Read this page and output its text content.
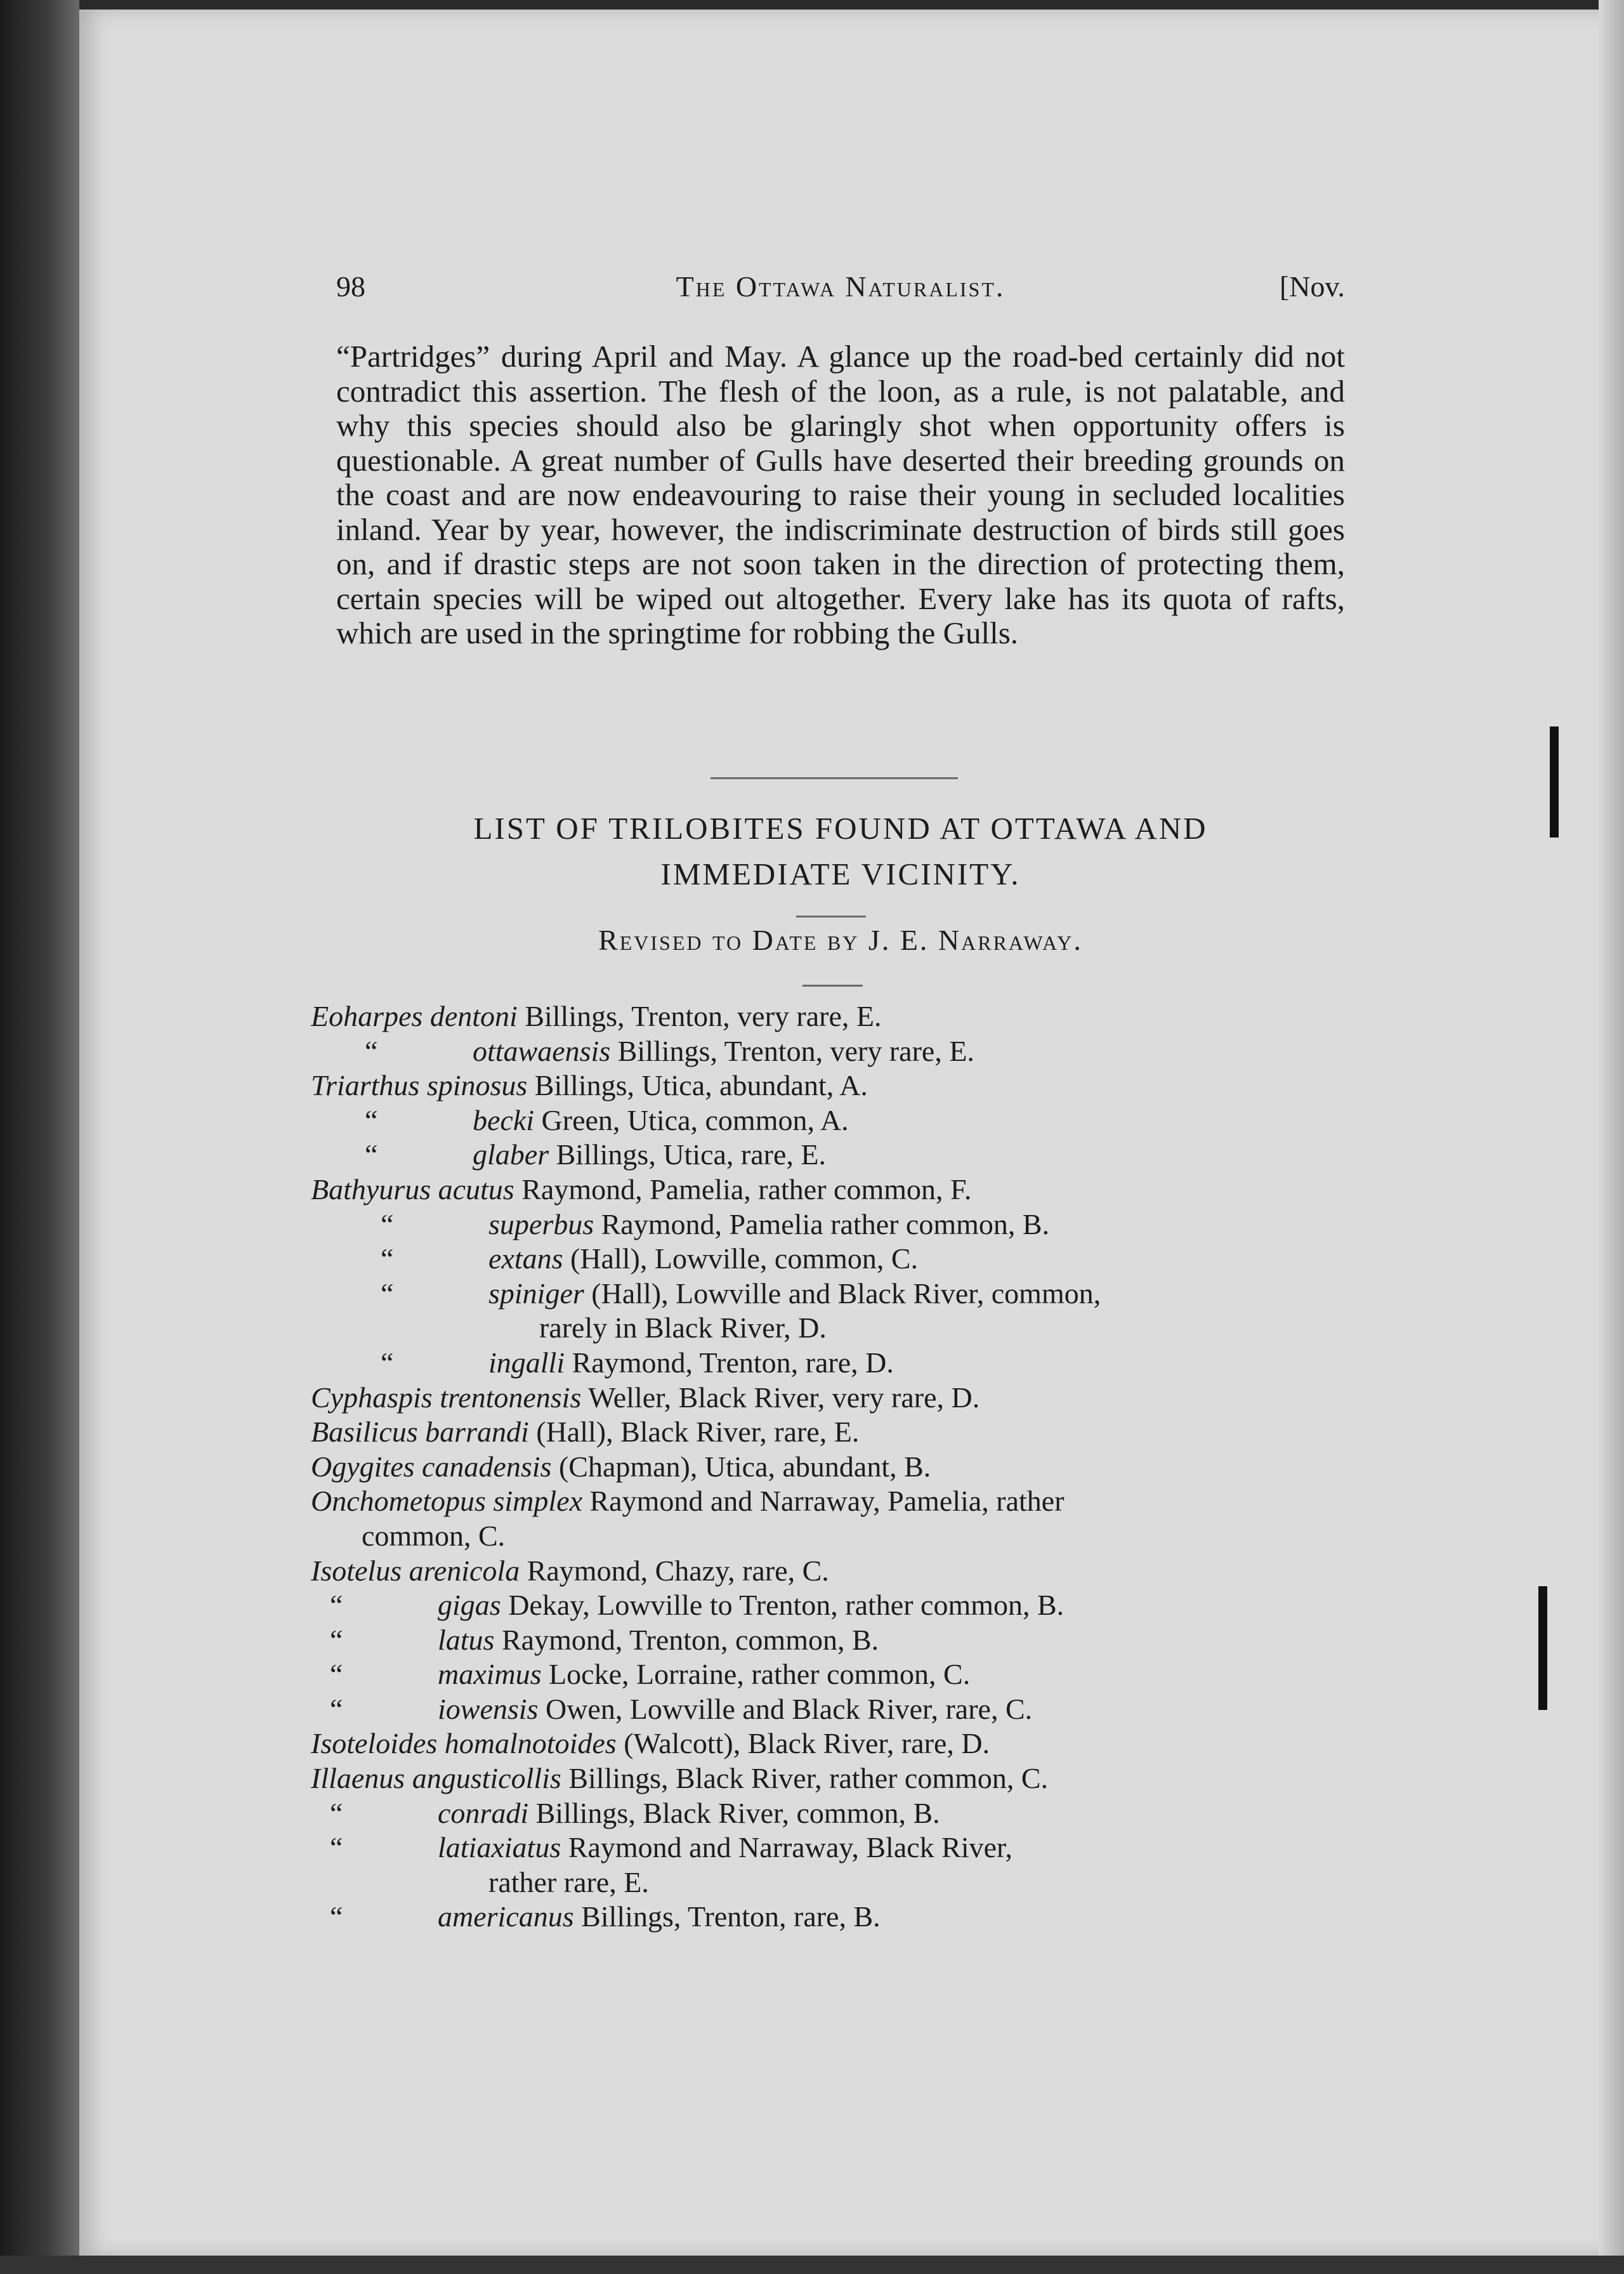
98	The Ottawa Naturalist.	[Nov.
“Partridges” during April and May. A glance up the road-bed certainly did not contradict this assertion. The flesh of the loon, as a rule, is not palatable, and why this species should also be glaringly shot when opportunity offers is questionable. A great number of Gulls have deserted their breeding grounds on the coast and are now endeavouring to raise their young in secluded localities inland. Year by year, however, the indiscriminate destruction of birds still goes on, and if drastic steps are not soon taken in the direction of protecting them, certain species will be wiped out altogether. Every lake has its quota of rafts, which are used in the springtime for robbing the Gulls.
LIST OF TRILOBITES FOUND AT OTTAWA AND
IMMEDIATE VICINITY.
Revised to Date by J. E. Narraway.
Eoharpes dentoni Billings, Trenton, very rare, E.
“	ottawaensis Billings, Trenton, very rare, E.
Triarthus spinosus Billings, Utica, abundant, A.
“	becki Green, Utica, common, A.
“	glaber Billings, Utica, rare, E.
Bathyurus acutus Raymond, Pamelia, rather common, F.
“	superbus Raymond, Pamelia rather common, B.
“	extans (Hall), Lowville, common, C.
“	spiniger (Hall), Lowville and Black River, common,
rarely in Black River, D.
“	ingalli Raymond, Trenton, rare, D.
Cyphaspis trentonensis Weller, Black River, very rare, D.
Basilicus barrandi (Hall), Black River, rare, E.
Ogygites canadensis (Chapman), Utica, abundant, B.
Onchometopus simplex Raymond and Narraway, Pamelia, rather
common, C.
Isotelus arenicola Raymond, Chazy, rare, C.
“	gigas Dekay, Lowville to Trenton, rather common, B.
“	latus Raymond, Trenton, common, B.
“	maximus Locke, Lorraine, rather common, C.
“	iowensis Owen, Lowville and Black River, rare, C.
Isoteloides homalnotoides (Walcott), Black River, rare, D.
Illaenus angusticollis Billings, Black River, rather common, C.
“	conradi Billings, Black River, common, B.
“	latiaxiatus Raymond and Narraway, Black River,
rather rare, E.
“	americanus Billings, Trenton, rare, B.
